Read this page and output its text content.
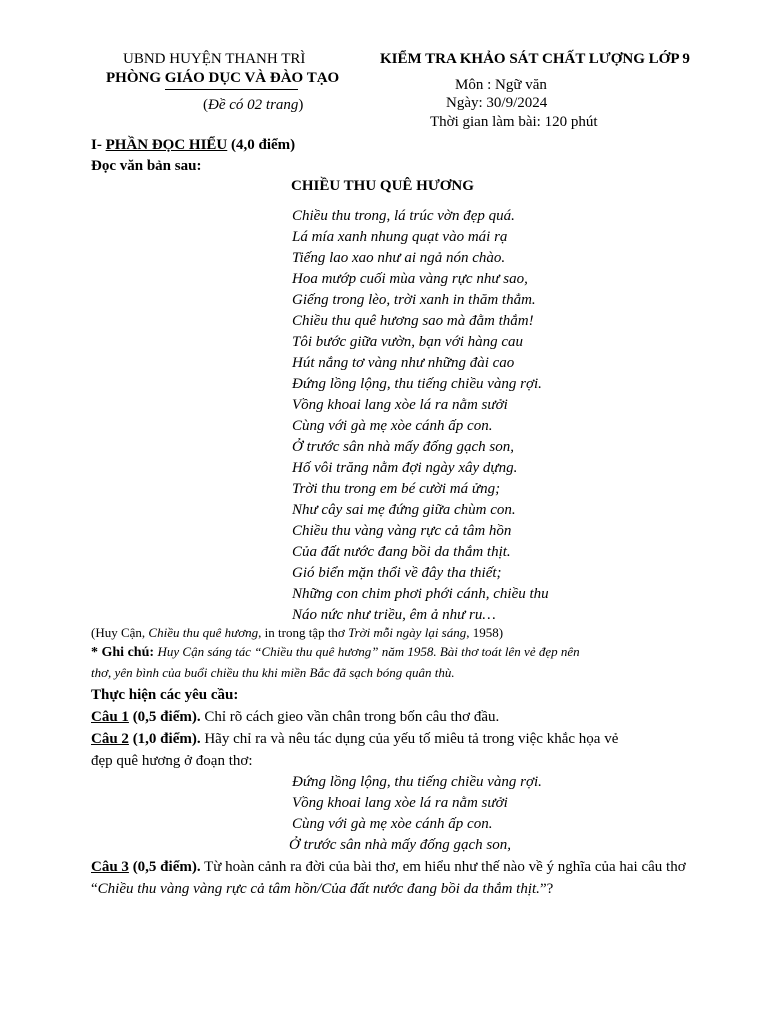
UBND HUYỆN THANH TRÌ
PHÒNG GIÁO DỤC VÀ ĐÀO TẠO
(Đề có 02 trang)
KIỂM TRA KHẢO SÁT CHẤT LƯỢNG LỚP 9
Môn : Ngữ văn
Ngày: 30/9/2024
Thời gian làm bài: 120 phút
I- PHẦN ĐỌC HIỂU (4,0 điểm)
Đọc văn bản sau:
CHIỀU THU QUÊ HƯƠNG
Chiều thu trong, lá trúc vờn đẹp quá.
Lá mía xanh nhung quạt vào mái rạ
Tiếng lao xao như ai ngả nón chào.
Hoa mướp cuối mùa vàng rực như sao,
Giếng trong lèo, trời xanh in thăm thẳm.
Chiều thu quê hương sao mà đằm thắm!
Tôi bước giữa vườn, bạn với hàng cau
Hút nắng tơ vàng như những đài cao
Đứng lồng lộng, thu tiếng chiều vàng rợi.
Vồng khoai lang xòe lá ra nằm sưởi
Cùng với gà mẹ xòe cánh ấp con.
Ở trước sân nhà mấy đống gạch son,
Hố vôi trăng nằm đợi ngày xây dựng.
Trời thu trong em bé cười má ửng;
Như cây sai mẹ đứng giữa chùm con.
Chiều thu vàng vàng rực cả tâm hồn
Của đất nước đang bồi da thắm thịt.
Gió biển mặn thổi về đây tha thiết;
Những con chim phơi phới cánh, chiều thu
Náo nức như triều, êm ả như ru…
(Huy Cận, Chiều thu quê hương, in trong tập thơ Trời mỗi ngày lại sáng, 1958)
* Ghi chú: Huy Cận sáng tác “Chiều thu quê hương” năm 1958. Bài thơ toát lên vẻ đẹp nên
thơ, yên bình của buổi chiều thu khi miền Bắc đã sạch bóng quân thù.
Thực hiện các yêu cầu:
Câu 1 (0,5 điểm). Chỉ rõ cách gieo vần chân trong bốn câu thơ đầu.
Câu 2 (1,0 điểm). Hãy chỉ ra và nêu tác dụng của yếu tố miêu tả trong việc khắc họa vẻ
đẹp quê hương ở đoạn thơ:
Đứng lồng lộng, thu tiếng chiều vàng rợi.
Vồng khoai lang xòe lá ra nằm sưởi
Cùng với gà mẹ xòe cánh ấp con.
Ở trước sân nhà mấy đống gạch son,
Câu 3 (0,5 điểm). Từ hoàn cảnh ra đời của bài thơ, em hiểu như thế nào về ý nghĩa của hai câu thơ
“Chiều thu vàng vàng rực cả tâm hồn/Của đất nước đang bồi da thắm thịt.”?
